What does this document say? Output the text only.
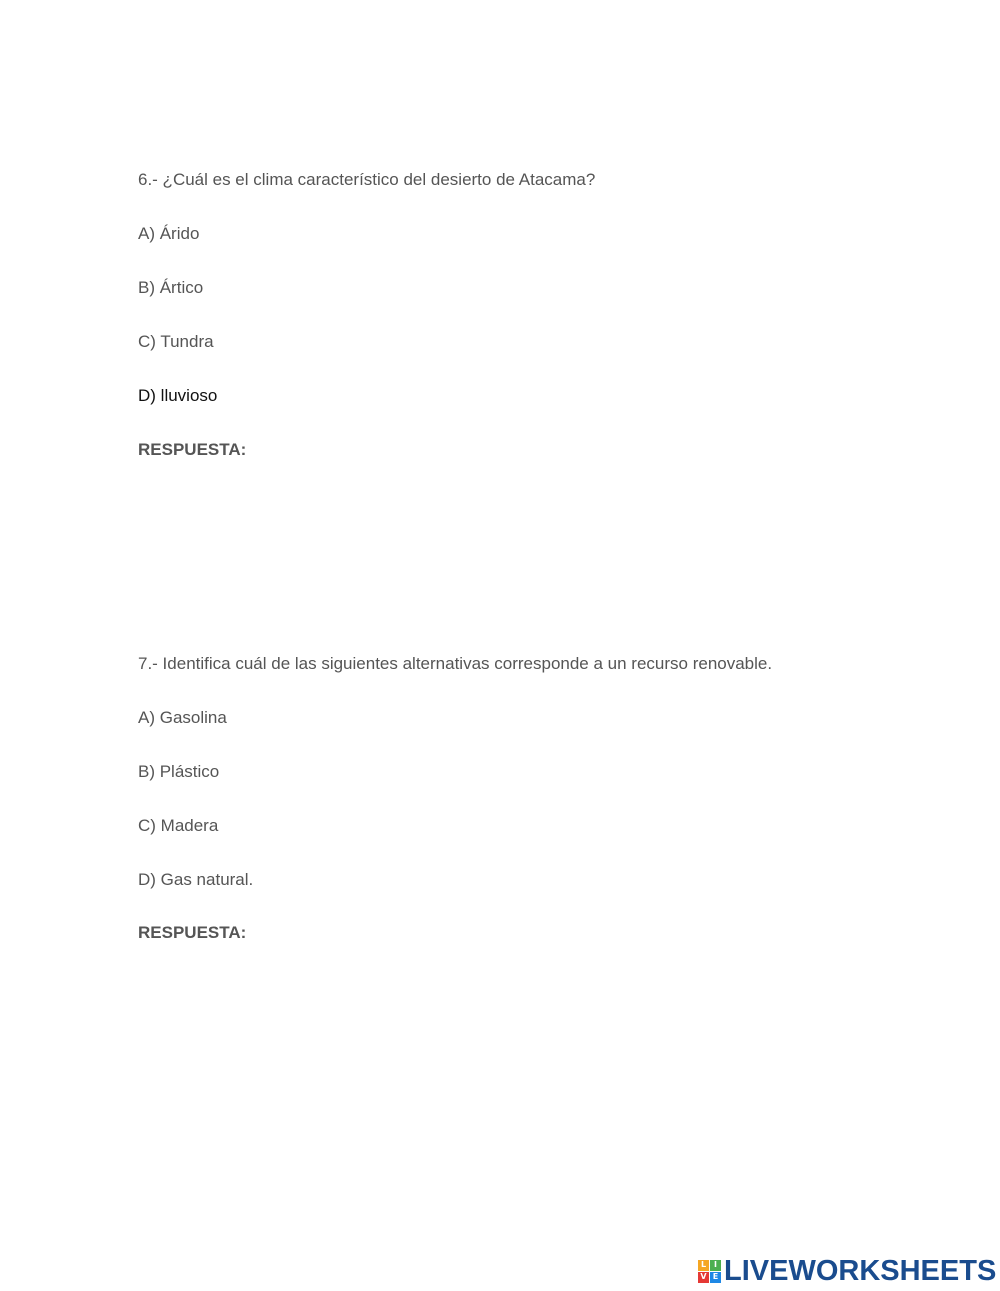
6.- ¿Cuál es el clima característico del desierto de Atacama?
A) Árido
B) Ártico
C) Tundra
D) lluvioso
RESPUESTA:
7.- Identifica cuál de las siguientes alternativas corresponde a un recurso renovable.
A) Gasolina
B) Plástico
C) Madera
D) Gas natural.
RESPUESTA:
L I
V E LIVEWORKSHEETS
